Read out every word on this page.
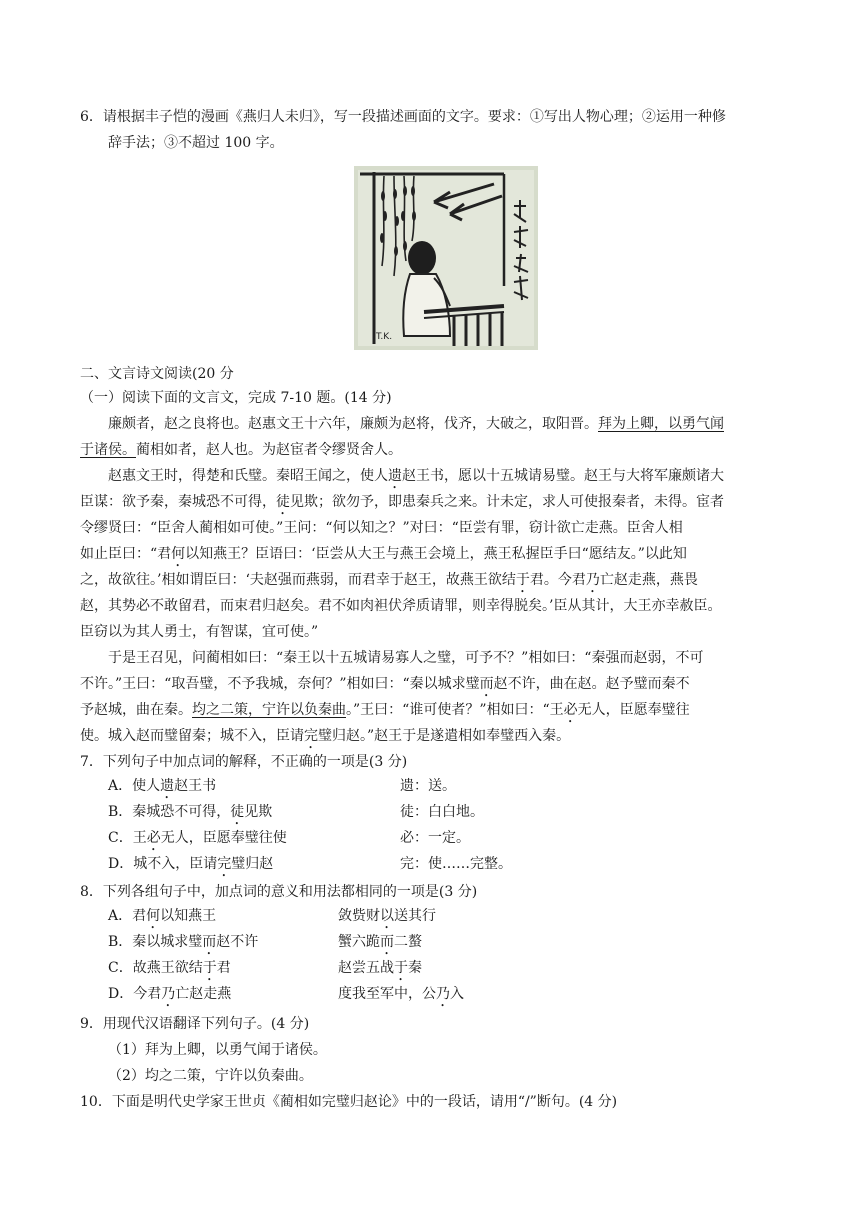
6．请根据丰子恺的漫画《燕归人未归》，写一段描述画面的文字。要求：①写出人物心理；②运用一种修
辞手法；③不超过 100 字。
T.K.
二、文言诗文阅读(20 分
（一）阅读下面的文言文，完成 7-10 题。(14 分)
廉颇者，赵之良将也。赵惠文王十六年，廉颇为赵将，伐齐，大破之，取阳晋。拜为上卿，以勇气闻
于诸侯。蔺相如者，赵人也。为赵宦者令缪贤舍人。
赵惠文王时，得楚和氏璧。秦昭王闻之，使人遗赵王书，愿以十五城请易璧。赵王与大将军廉颇诸大
臣谋：欲予秦，秦城恐不可得，徒见欺；欲勿予，即患秦兵之来。计未定，求人可使报秦者，未得。宦者
令缪贤曰：“臣舍人蔺相如可使。”王问：“何以知之？”对曰：“臣尝有罪，窃计欲亡走燕。臣舍人相
如止臣曰：“君何以知燕王？臣语曰：‘臣尝从大王与燕王会境上，燕王私握臣手曰“愿结友。”以此知
之，故欲往。’相如谓臣曰：‘夫赵强而燕弱，而君幸于赵王，故燕王欲结于君。今君乃亡赵走燕，燕畏
赵，其势必不敢留君，而束君归赵矣。君不如肉袒伏斧质请罪，则幸得脱矣。’臣从其计，大王亦幸赦臣。
臣窃以为其人勇士，有智谋，宜可使。”
于是王召见，问蔺相如曰：“秦王以十五城请易寡人之璧，可予不？”相如曰：“秦强而赵弱，不可
不许。”王曰：“取吾璧，不予我城，奈何？”相如曰：“秦以城求璧而赵不许，曲在赵。赵予璧而秦不
予赵城，曲在秦。均之二策，宁许以负秦曲。”王曰：“谁可使者？”相如曰：“王必无人，臣愿奉璧往
使。城入赵而璧留秦；城不入，臣请完璧归赵。”赵王于是遂遣相如奉璧西入秦。
7．下列句子中加点词的解释，不正确的一项是(3 分)
A．使人遗赵王书	遗：送。
B．秦城恐不可得，徒见欺	徒：白白地。
C．王必无人，臣愿奉璧往使	必：一定。
D．城不入，臣请完璧归赵	完：使……完整。
8．下列各组句子中，加点词的意义和用法都相同的一项是(3 分)
A．君何以知燕王	敛赀财以送其行
B．秦以城求璧而赵不许	蟹六跪而二螯
C．故燕王欲结于君	赵尝五战于秦
D．今君乃亡赵走燕	度我至军中，公乃入
9．用现代汉语翻译下列句子。(4 分)
（1）拜为上卿，以勇气闻于诸侯。
（2）均之二策，宁许以负秦曲。
10．下面是明代史学家王世贞《蔺相如完璧归赵论》中的一段话，请用“/”断句。(4 分)
